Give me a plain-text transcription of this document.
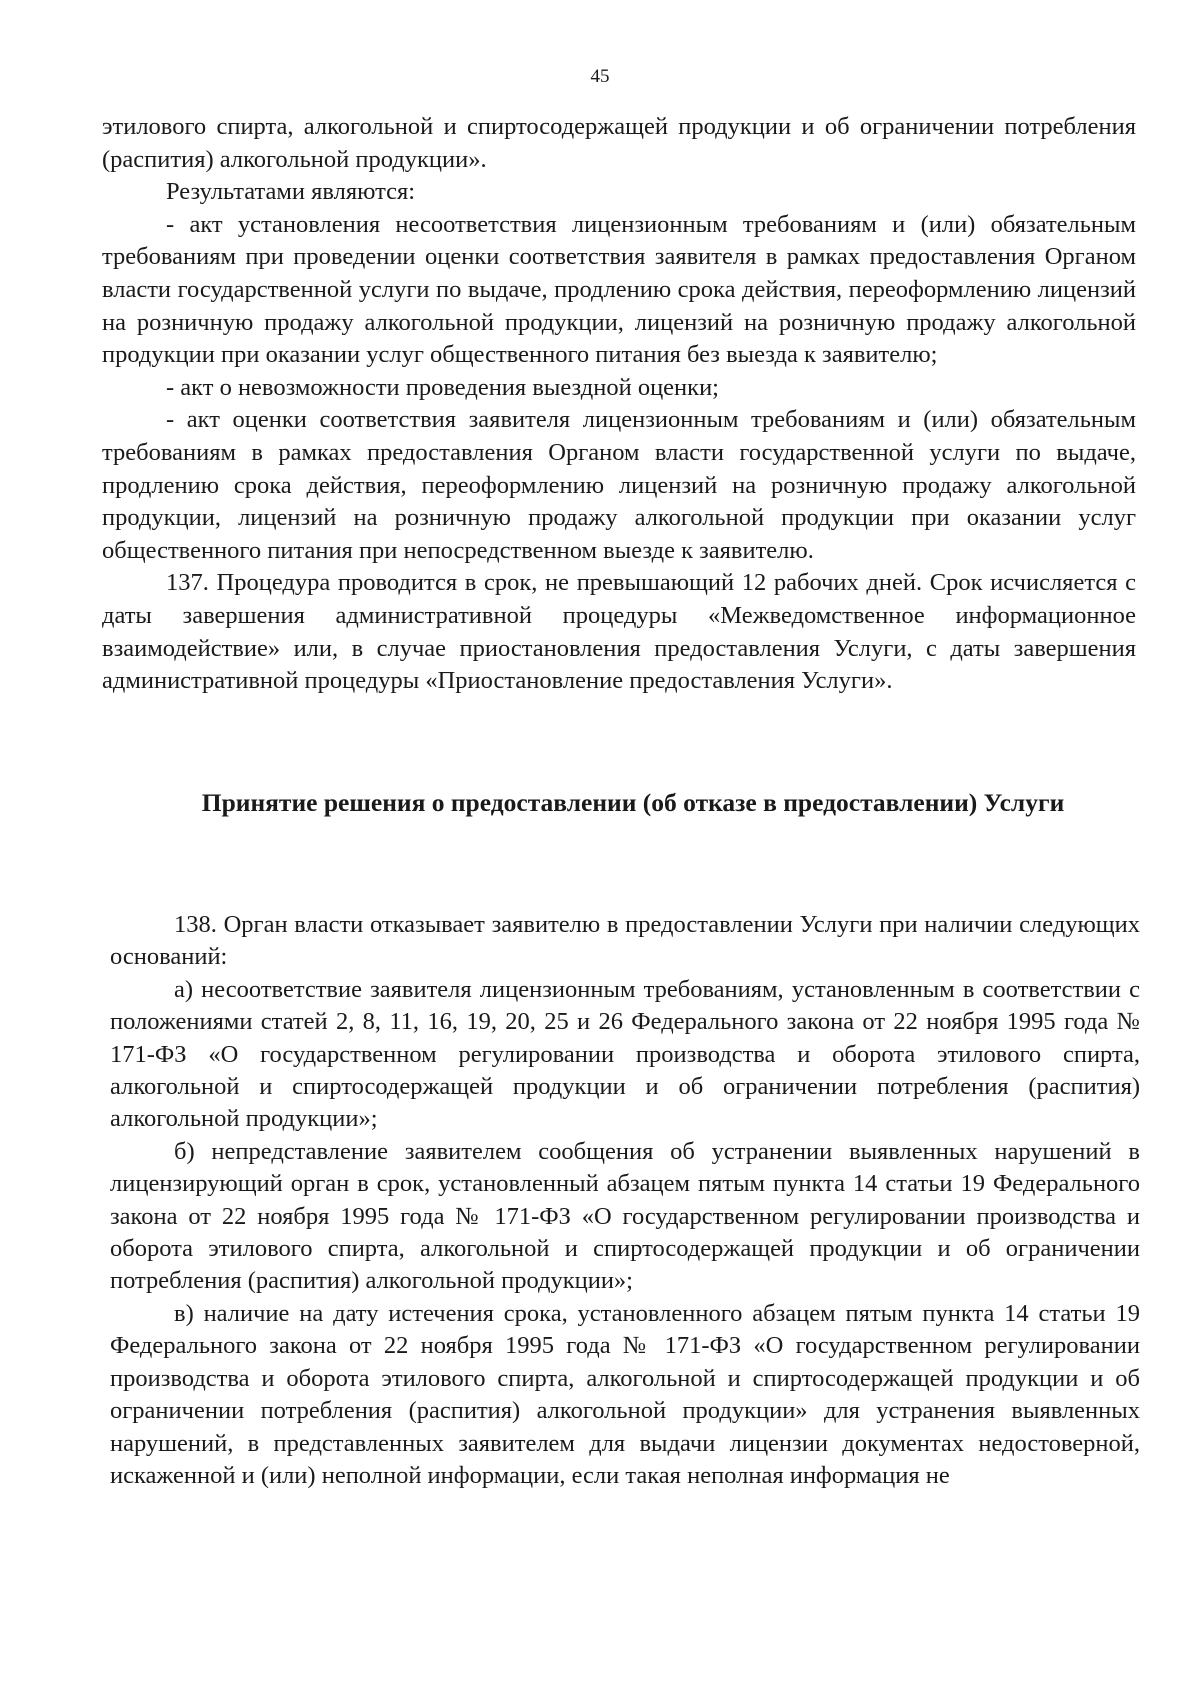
45

этилового спирта, алкогольной и спиртосодержащей продукции и об ограничении потребления (распития) алкогольной продукции».

Результатами являются:

- акт установления несоответствия лицензионным требованиям и (или) обязательным требованиям при проведении оценки соответствия заявителя в рамках предоставления Органом власти государственной услуги по выдаче, продлению срока действия, переоформлению лицензий на розничную продажу алкогольной продукции, лицензий на розничную продажу алкогольной продукции при оказании услуг общественного питания без выезда к заявителю;

- акт о невозможности проведения выездной оценки;

- акт оценки соответствия заявителя лицензионным требованиям и (или) обязательным требованиям в рамках предоставления Органом власти государственной услуги по выдаче, продлению срока действия, переоформлению лицензий на розничную продажу алкогольной продукции, лицензий на розничную продажу алкогольной продукции при оказании услуг общественного питания при непосредственном выезде к заявителю.

137. Процедура проводится в срок, не превышающий 12 рабочих дней. Срок исчисляется с даты завершения административной процедуры «Межведомственное информационное взаимодействие» или, в случае приостановления предоставления Услуги, с даты завершения административной процедуры «Приостановление предоставления Услуги».

Принятие решения о предоставлении (об отказе в предоставлении) Услуги

138. Орган власти отказывает заявителю в предоставлении Услуги при наличии следующих оснований:

а) несоответствие заявителя лицензионным требованиям, установленным в соответствии с положениями статей 2, 8, 11, 16, 19, 20, 25 и 26 Федерального закона от 22 ноября 1995 года № 171-ФЗ «О государственном регулировании производства и оборота этилового спирта, алкогольной и спиртосодержащей продукции и об ограничении потребления (распития) алкогольной продукции»;

б) непредставление заявителем сообщения об устранении выявленных нарушений в лицензирующий орган в срок, установленный абзацем пятым пункта 14 статьи 19 Федерального закона от 22 ноября 1995 года № 171-ФЗ «О государственном регулировании производства и оборота этилового спирта, алкогольной и спиртосодержащей продукции и об ограничении потребления (распития) алкогольной продукции»;

в) наличие на дату истечения срока, установленного абзацем пятым пункта 14 статьи 19 Федерального закона от 22 ноября 1995 года № 171-ФЗ «О государственном регулировании производства и оборота этилового спирта, алкогольной и спиртосодержащей продукции и об ограничении потребления (распития) алкогольной продукции» для устранения выявленных нарушений, в представленных заявителем для выдачи лицензии документах недостоверной, искаженной и (или) неполной информации, если такая неполная информация не
